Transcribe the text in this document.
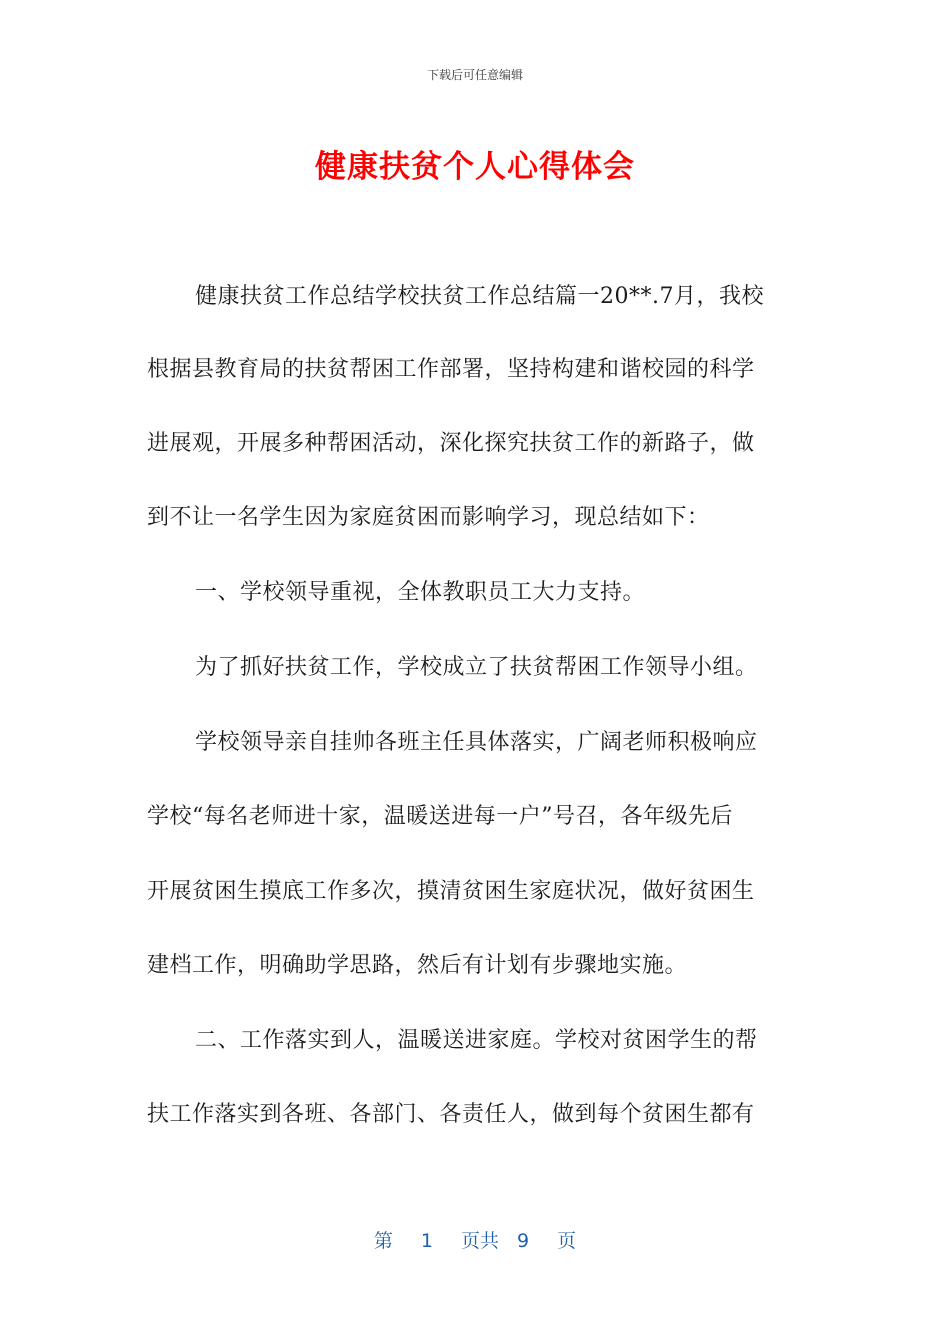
下载后可任意编辑
健康扶贫个人心得体会
健康扶贫工作总结学校扶贫工作总结篇一20**.7月，我校
根据县教育局的扶贫帮困工作部署，坚持构建和谐校园的科学
进展观，开展多种帮困活动，深化探究扶贫工作的新路子，做
到不让一名学生因为家庭贫困而影响学习，现总结如下：
一、学校领导重视，全体教职员工大力支持。
为了抓好扶贫工作，学校成立了扶贫帮困工作领导小组。
学校领导亲自挂帅各班主任具体落实，广阔老师积极响应
学校“每名老师进十家，温暖送进每一户”号召，各年级先后
开展贫困生摸底工作多次，摸清贫困生家庭状况，做好贫困生
建档工作，明确助学思路，然后有计划有步骤地实施。
二、工作落实到人，温暖送进家庭。学校对贫困学生的帮
扶工作落实到各班、各部门、各责任人，做到每个贫困生都有
第 1 页共 9 页
